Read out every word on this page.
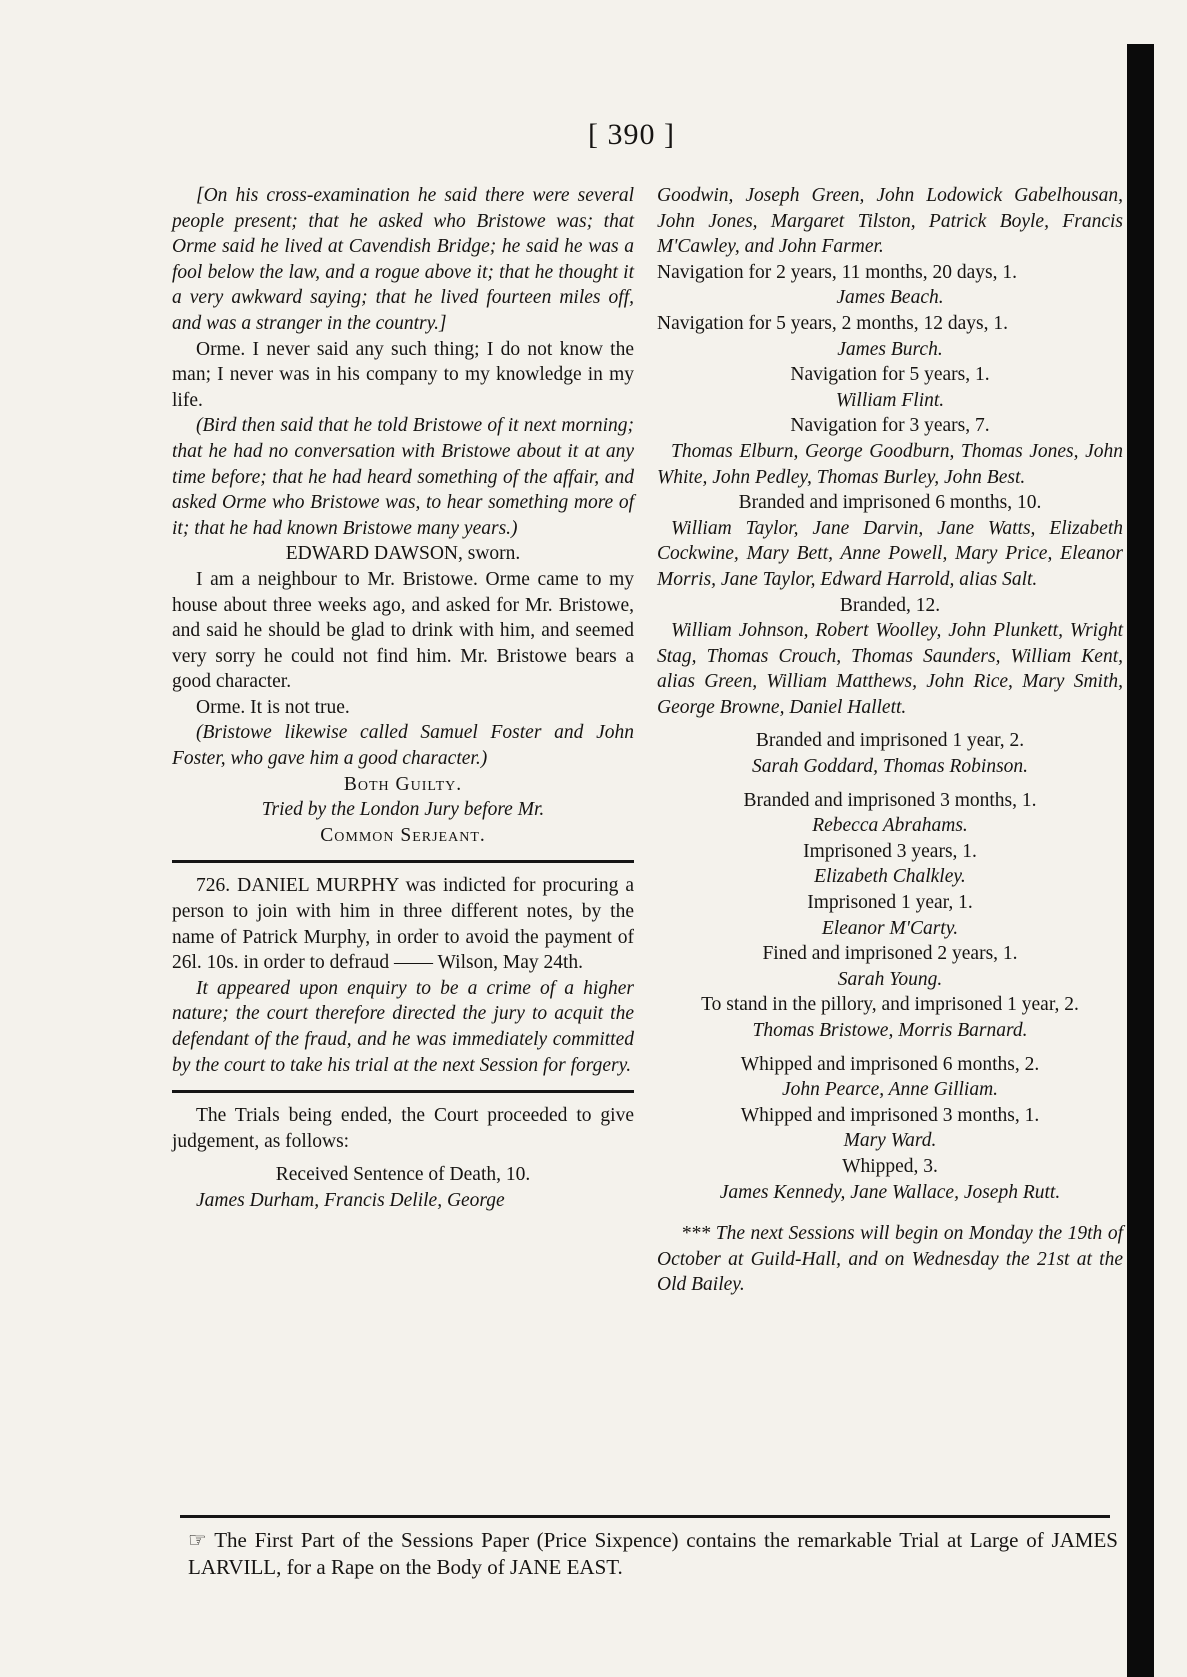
[ 390 ]

[On his cross-examination he said there were several people present; that he asked who Bristowe was; that Orme said he lived at Cavendish Bridge; he said he was a fool below the law, and a rogue above it; that he thought it a very awkward saying; that he lived fourteen miles off, and was a stranger in the country.]

Orme. I never said any such thing; I do not know the man; I never was in his company to my knowledge in my life.

(Bird then said that he told Bristowe of it next morning; that he had no conversation with Bristowe about it at any time before; that he had heard something of the affair, and asked Orme who Bristowe was, to hear something more of it; that he had known Bristowe many years.)

EDWARD DAWSON, sworn.

I am a neighbour to Mr. Bristowe. Orme came to my house about three weeks ago, and asked for Mr. Bristowe, and said he should be glad to drink with him, and seemed very sorry he could not find him. Mr. Bristowe bears a good character.

Orme. It is not true.

(Bristowe likewise called Samuel Foster and John Foster, who gave him a good character.)

Both Guilty.

Tried by the London Jury before Mr.

Common Serjeant.

726. DANIEL MURPHY was indicted for procuring a person to join with him in three different notes, by the name of Patrick Murphy, in order to avoid the payment of 26l. 10s. in order to defraud —— Wilson, May 24th.

It appeared upon enquiry to be a crime of a higher nature; the court therefore directed the jury to acquit the defendant of the fraud, and he was immediately committed by the court to take his trial at the next Session for forgery.

The Trials being ended, the Court proceeded to give judgement, as follows:

Received Sentence of Death, 10.

James Durham, Francis Delile, George

Goodwin, Joseph Green, John Lodowick Gabelhousan, John Jones, Margaret Tilston, Patrick Boyle, Francis M'Cawley, and John Farmer.

Navigation for 2 years, 11 months, 20 days, 1.

James Beach.

Navigation for 5 years, 2 months, 12 days, 1.

James Burch.

Navigation for 5 years, 1.

William Flint.

Navigation for 3 years, 7.

Thomas Elburn, George Goodburn, Thomas Jones, John White, John Pedley, Thomas Burley, John Best.

Branded and imprisoned 6 months, 10.

William Taylor, Jane Darvin, Jane Watts, Elizabeth Cockwine, Mary Bett, Anne Powell, Mary Price, Eleanor Morris, Jane Taylor, Edward Harrold, alias Salt.

Branded, 12.

William Johnson, Robert Woolley, John Plunkett, Wright Stag, Thomas Crouch, Thomas Saunders, William Kent, alias Green, William Matthews, John Rice, Mary Smith, George Browne, Daniel Hallett.

Branded and imprisoned 1 year, 2.

Sarah Goddard, Thomas Robinson.

Branded and imprisoned 3 months, 1.

Rebecca Abrahams.

Imprisoned 3 years, 1.

Elizabeth Chalkley.

Imprisoned 1 year, 1.

Eleanor M'Carty.

Fined and imprisoned 2 years, 1.

Sarah Young.

To stand in the pillory, and imprisoned 1 year, 2.

Thomas Bristowe, Morris Barnard.

Whipped and imprisoned 6 months, 2.

John Pearce, Anne Gilliam.

Whipped and imprisoned 3 months, 1.

Mary Ward.

Whipped, 3.

James Kennedy, Jane Wallace, Joseph Rutt.

*** The next Sessions will begin on Monday the 19th of October at Guild-Hall, and on Wednesday the 21st at the Old Bailey.

☞ The First Part of the Sessions Paper (Price Sixpence) contains the remarkable Trial at Large of JAMES LARVILL, for a Rape on the Body of JANE EAST.
